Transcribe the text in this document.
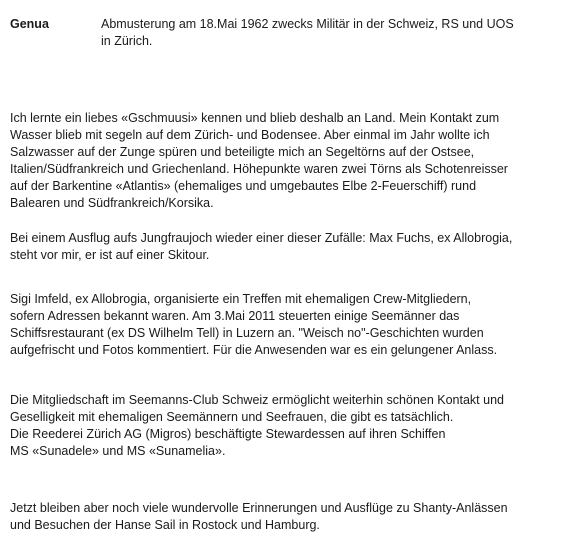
Genua	Abmusterung am 18.Mai 1962 zwecks Militär in der Schweiz, RS und UOS
in Zürich.

Ich lernte ein liebes «Gschmuusi» kennen und blieb deshalb an Land. Mein Kontakt zum
Wasser blieb mit segeln auf dem Zürich- und Bodensee. Aber einmal im Jahr wollte ich
Salzwasser auf der Zunge spüren und beteiligte mich an Segeltörns auf der Ostsee,
Italien/Südfrankreich und Griechenland. Höhepunkte waren zwei Törns als Schotenreisser
auf der Barkentine «Atlantis» (ehemaliges und umgebautes Elbe 2-Feuerschiff) rund
Balearen und Südfrankreich/Korsika.

Bei einem Ausflug aufs Jungfraujoch wieder einer dieser Zufälle: Max Fuchs, ex Allobrogia,
steht vor mir, er ist auf einer Skitour.

Sigi Imfeld, ex Allobrogia, organisierte ein Treffen mit ehemaligen Crew-Mitgliedern,
sofern Adressen bekannt waren. Am 3.Mai 2011 steuerten einige Seemänner das
Schiffsrestaurant (ex DS Wilhelm Tell) in Luzern an. "Weisch no"-Geschichten wurden
aufgefrischt und Fotos kommentiert. Für die Anwesenden war es ein gelungener Anlass.

Die Mitgliedschaft im Seemanns-Club Schweiz ermöglicht weiterhin schönen Kontakt und
Geselligkeit mit ehemaligen Seemännern und Seefrauen, die gibt es tatsächlich.
Die Reederei Zürich AG (Migros) beschäftigte Stewardessen auf ihren Schiffen
MS «Sunadele» und MS «Sunamelia».

Jetzt bleiben aber noch viele wundervolle Erinnerungen und Ausflüge zu Shanty-Anlässen
und Besuchen der Hanse Sail in Rostock und Hamburg.
